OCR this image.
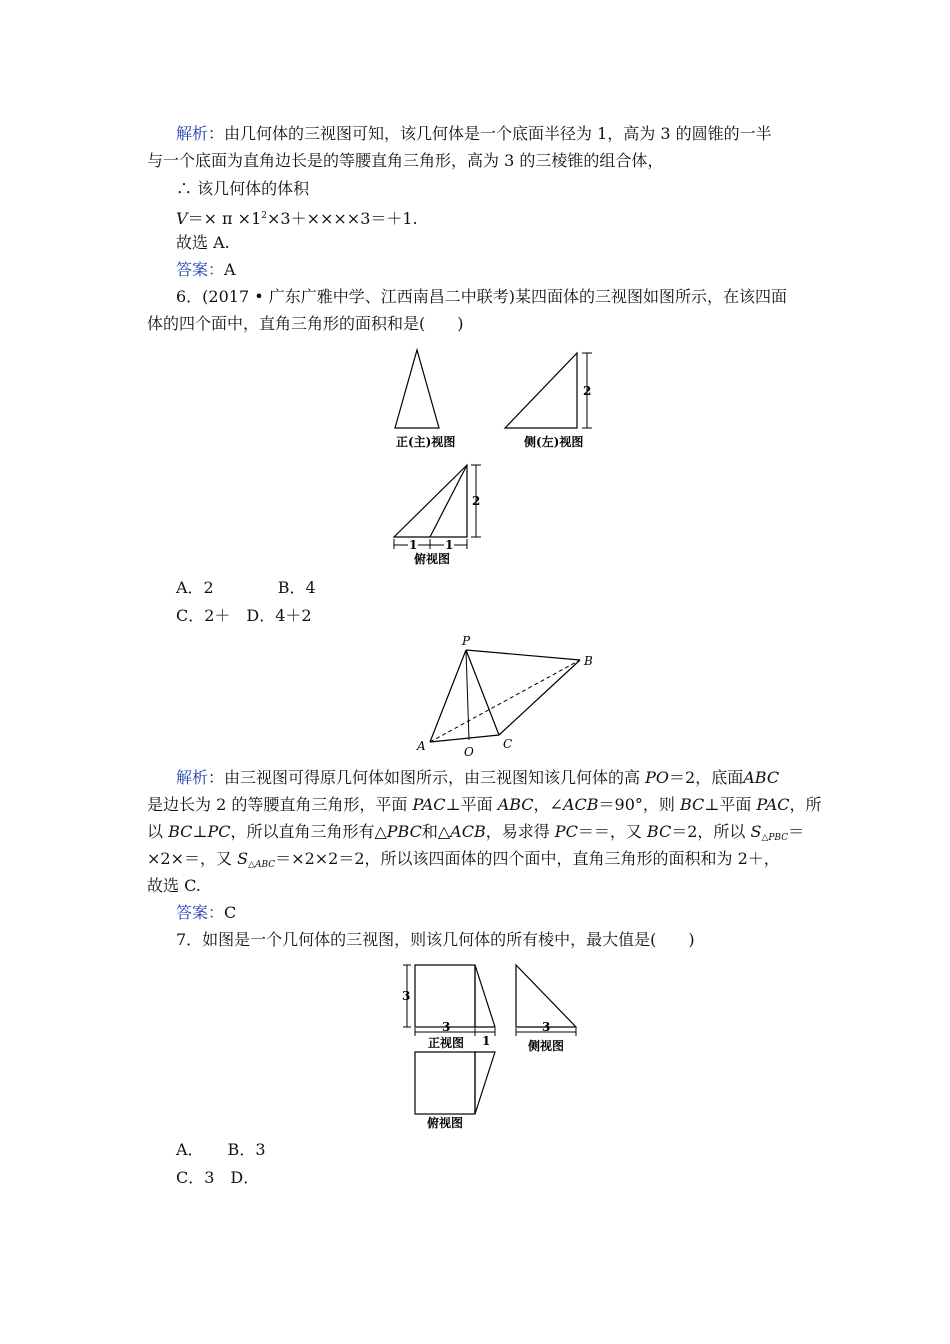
解析：由几何体的三视图可知，该几何体是一个底面半径为 1，高为 3 的圆锥的一半
与一个底面为直角边长是的等腰直角三角形，高为 3 的三棱锥的组合体，
∴ 该几何体的体积
$V=\times \pi \times 1^2\times 3+\times\times\times\times 3=+1$.
故选 A.
答案：A
6．(2017 • 广东广雅中学、江西南昌二中联考)某四面体的三视图如图所示，在该四面
体的四个面中，直角三角形的面积和是(　　)
正(主)视图
2
侧(左)视图
2
1 1
俯视图
A．2　　　　B．4
C．2＋　D．4＋2
P
B
A	O
C
解析：由三视图可得原几何体如图所示，由三视图知该几何体的高 PO＝2，底面ABC
是边长为 2 的等腰直角三角形，平面 PAC⊥平面 ABC，∠ACB＝90°，则 BC⊥平面 PAC，所
以 BC⊥PC，所以直角三角形有△PBC和△ACB，易求得 PC＝＝，又 BC＝2，所以 $S_{\triangle PBC}=$
×2×＝，又 $S_{\triangle ABC}=\times 2\times 2=2$，所以该四面体的四个面中，直角三角形的面积和为 2＋，
故选 C.
答案：C
7．如图是一个几何体的三视图，则该几何体的所有棱中，最大值是(　　)
3
3
1
正视图
3
侧视图
俯视图
A．　　B．3
C．3　D．
